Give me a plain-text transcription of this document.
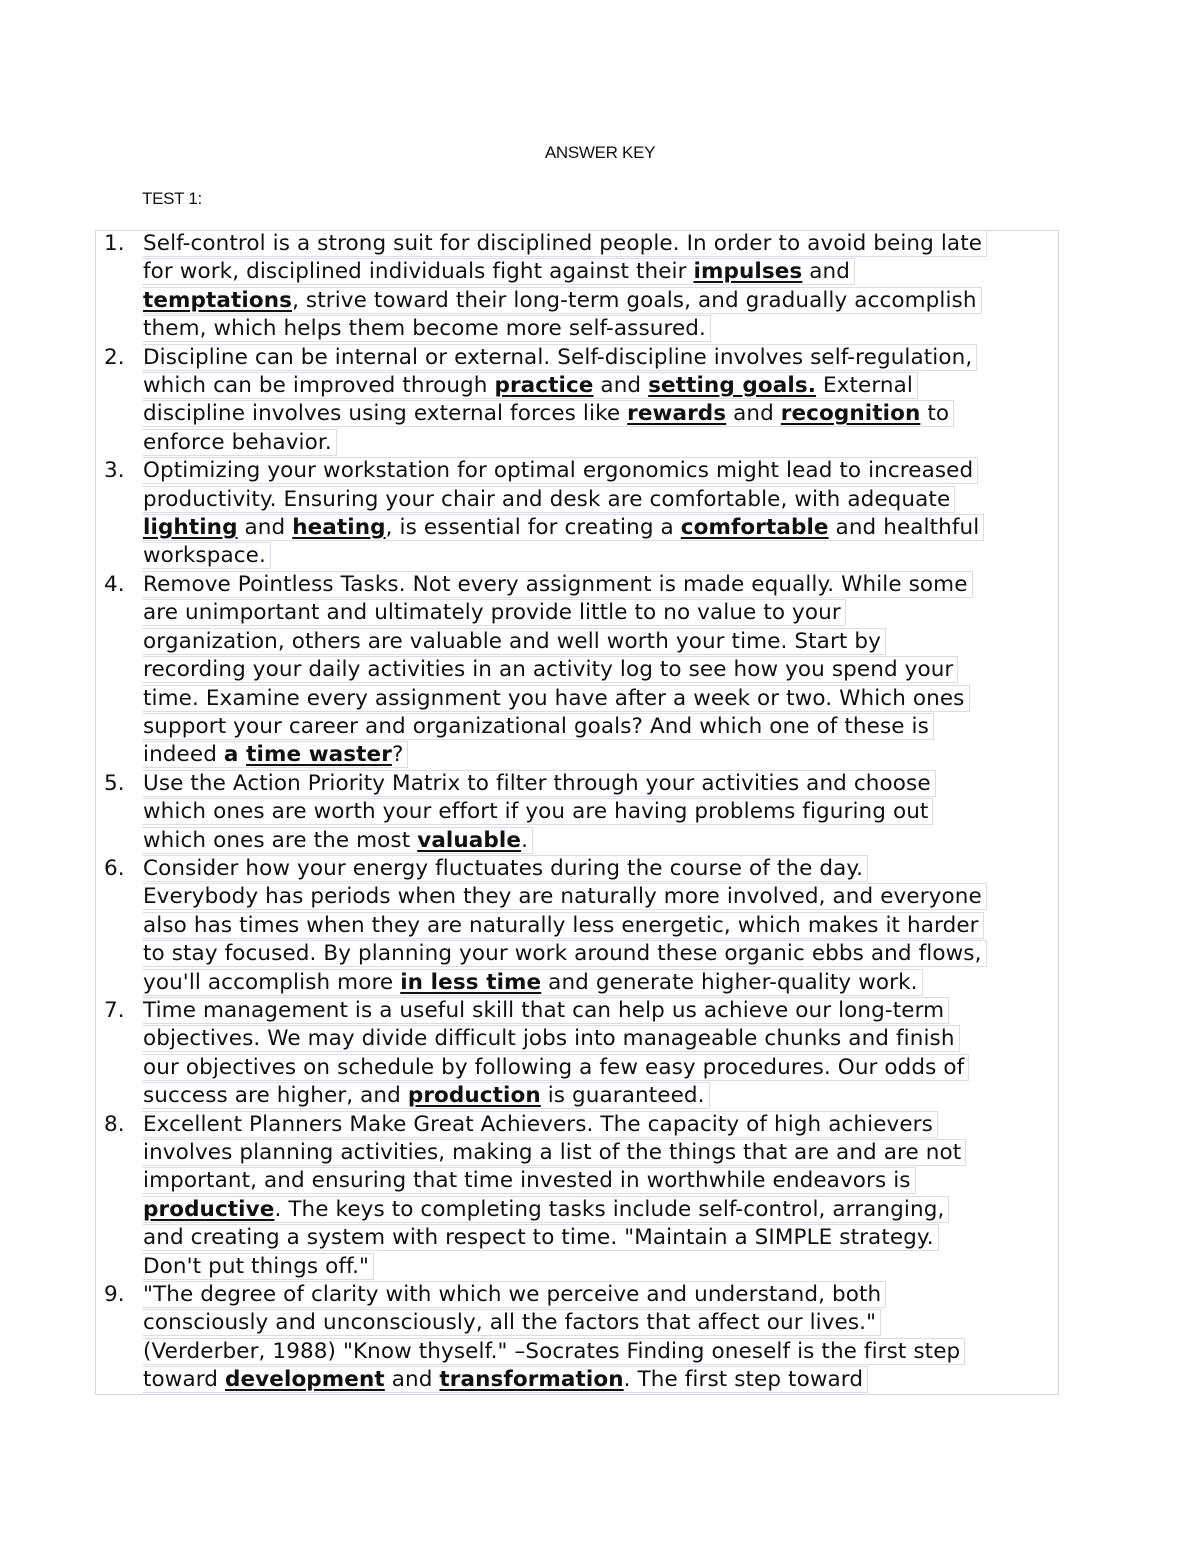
ANSWER KEY
TEST 1:
1. Self-control is a strong suit for disciplined people. In order to avoid being late
for work, disciplined individuals fight against their impulses and
temptations, strive toward their long-term goals, and gradually accomplish
them, which helps them become more self-assured.
2. Discipline can be internal or external. Self-discipline involves self-regulation,
which can be improved through practice and setting goals. External
discipline involves using external forces like rewards and recognition to
enforce behavior.
3. Optimizing your workstation for optimal ergonomics might lead to increased
productivity. Ensuring your chair and desk are comfortable, with adequate
lighting and heating, is essential for creating a comfortable and healthful
workspace.
4. Remove Pointless Tasks. Not every assignment is made equally. While some
are unimportant and ultimately provide little to no value to your
organization, others are valuable and well worth your time. Start by
recording your daily activities in an activity log to see how you spend your
time. Examine every assignment you have after a week or two. Which ones
support your career and organizational goals? And which one of these is
indeed a time waster?
5. Use the Action Priority Matrix to filter through your activities and choose
which ones are worth your effort if you are having problems figuring out
which ones are the most valuable.
6. Consider how your energy fluctuates during the course of the day.
Everybody has periods when they are naturally more involved, and everyone
also has times when they are naturally less energetic, which makes it harder
to stay focused. By planning your work around these organic ebbs and flows,
you'll accomplish more in less time and generate higher-quality work.
7. Time management is a useful skill that can help us achieve our long-term
objectives. We may divide difficult jobs into manageable chunks and finish
our objectives on schedule by following a few easy procedures. Our odds of
success are higher, and production is guaranteed.
8. Excellent Planners Make Great Achievers. The capacity of high achievers
involves planning activities, making a list of the things that are and are not
important, and ensuring that time invested in worthwhile endeavors is
productive. The keys to completing tasks include self-control, arranging,
and creating a system with respect to time. "Maintain a SIMPLE strategy.
Don't put things off."
9. "The degree of clarity with which we perceive and understand, both
consciously and unconsciously, all the factors that affect our lives."
(Verderber, 1988) "Know thyself." –Socrates Finding oneself is the first step
toward development and transformation. The first step toward
